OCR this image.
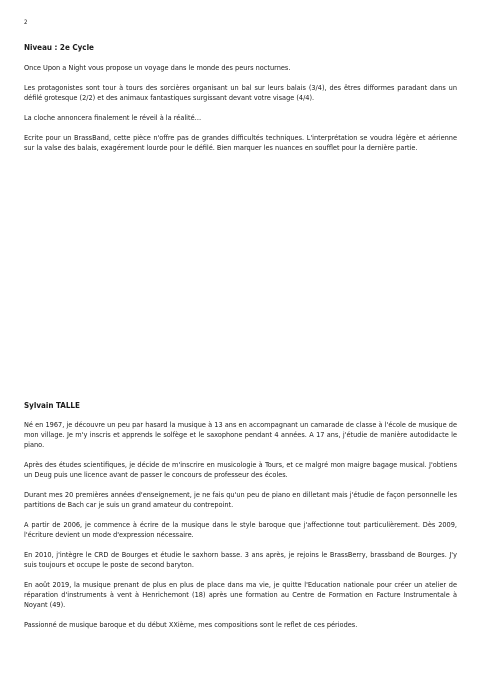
2
Niveau : 2e Cycle

Once Upon a Night vous propose un voyage dans le monde des peurs nocturnes.

Les protagonistes sont tour à tours des sorcières organisant un bal sur leurs balais (3/4), des êtres difformes paradant dans un défilé grotesque (2/2) et des animaux fantastiques surgissant devant votre visage (4/4).

La cloche annoncera finalement le réveil à la réalité…

Ecrite pour un BrassBand, cette pièce n'offre pas de grandes difficultés techniques. L'interprétation se voudra légère et aérienne sur la valse des balais, exagérement lourde pour le défilé. Bien marquer les nuances en soufflet pour la dernière partie.

Sylvain TALLE

Né en 1967, je découvre un peu par hasard la musique à 13 ans en accompagnant un camarade de classe à l'école de musique de mon village. Je m'y inscris et apprends le solfège et le saxophone pendant 4 années. A 17 ans, j'étudie de manière autodidacte le piano.

Après des études scientifiques, je décide de m'inscrire en musicologie à Tours, et ce malgré mon maigre bagage musical. J'obtiens un Deug puis une licence avant de passer le concours de professeur des écoles.

Durant mes 20 premières années d'enseignement, je ne fais qu'un peu de piano en dilletant mais j'étudie de façon personnelle les partitions de Bach car je suis un grand amateur du contrepoint.

A partir de 2006, je commence à écrire de la musique dans le style baroque que j'affectionne tout particulièrement. Dès 2009, l'écriture devient un mode d'expression nécessaire.

En 2010, j'intègre le CRD de Bourges et étudie le saxhorn basse. 3 ans après, je rejoins le BrassBerry, brassband de Bourges. J'y suis toujours et occupe le poste de second baryton.

En août 2019, la musique prenant de plus en plus de place dans ma vie, je quitte l'Education nationale pour créer un atelier de réparation d'instruments à vent à Henrichemont (18) après une formation au Centre de Formation en Facture Instrumentale à Noyant (49).

Passionné de musique baroque et du début XXième, mes compositions sont le reflet de ces périodes.
